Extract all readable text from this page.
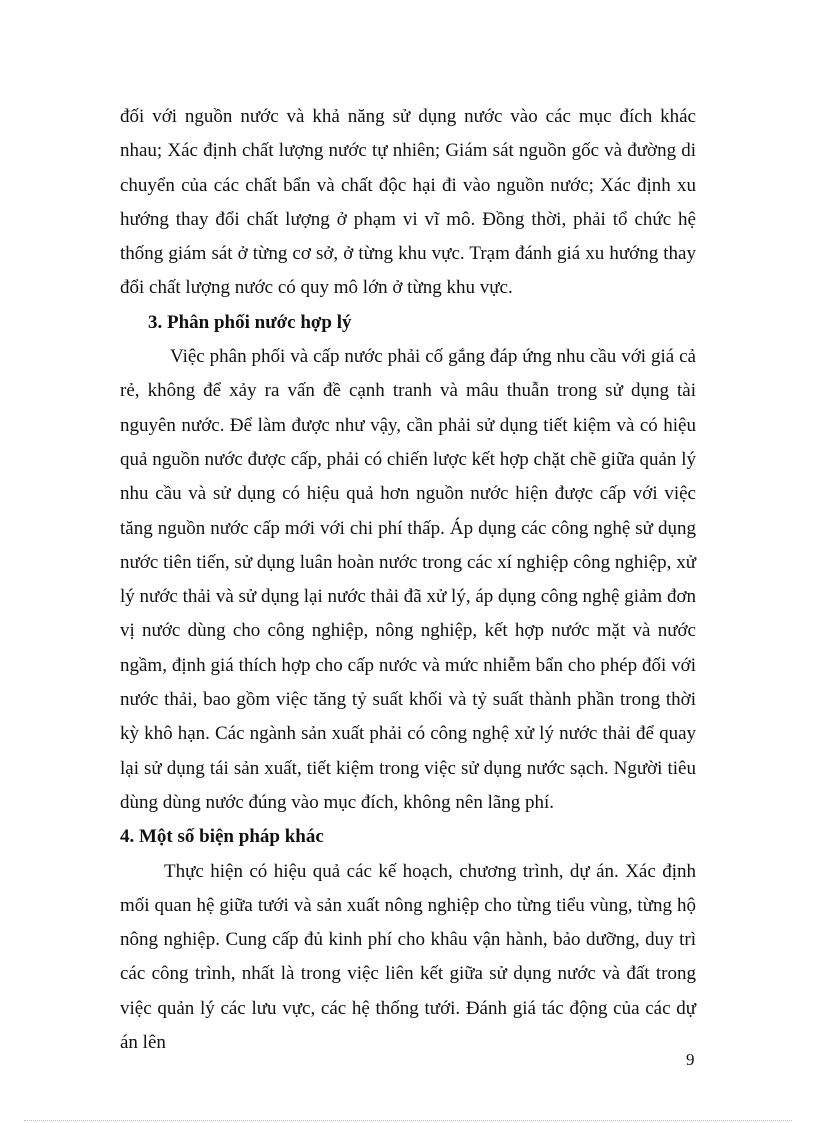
đối với nguồn nước và khả năng sử dụng nước vào các mục đích khác nhau; Xác định chất lượng nước tự nhiên; Giám sát nguồn gốc và đường di chuyển của các chất bẩn và chất độc hại đi vào nguồn nước; Xác định xu hướng thay đổi chất lượng ở phạm vi vĩ mô. Đồng thời, phải tổ chức hệ thống giám sát ở từng cơ sở, ở từng khu vực. Trạm đánh giá xu hướng thay đổi chất lượng nước có quy mô lớn ở từng khu vực.

3. Phân phối nước hợp lý

Việc phân phối và cấp nước phải cố gắng đáp ứng nhu cầu với giá cả rẻ, không để xảy ra vấn đề cạnh tranh và mâu thuẫn trong sử dụng tài nguyên nước. Để làm được như vậy, cần phải sử dụng tiết kiệm và có hiệu quả nguồn nước được cấp, phải có chiến lược kết hợp chặt chẽ giữa quản lý nhu cầu và sử dụng có hiệu quả hơn nguồn nước hiện được cấp với việc tăng nguồn nước cấp mới với chi phí thấp. Áp dụng các công nghệ sử dụng nước tiên tiến, sử dụng luân hoàn nước trong các xí nghiệp công nghiệp, xử lý nước thải và sử dụng lại nước thải đã xử lý, áp dụng công nghệ giảm đơn vị nước dùng cho công nghiệp, nông nghiệp, kết hợp nước mặt và nước ngầm, định giá thích hợp cho cấp nước và mức nhiễm bẩn cho phép đối với nước thải, bao gồm việc tăng tỷ suất khối và tỷ suất thành phần trong thời kỳ khô hạn. Các ngành sản xuất phải có công nghệ xử lý nước thải để quay lại sử dụng tái sản xuất, tiết kiệm trong việc sử dụng nước sạch. Người tiêu dùng dùng nước đúng vào mục đích, không nên lãng phí.

4. Một số biện pháp khác

Thực hiện có hiệu quả các kế hoạch, chương trình, dự án. Xác định mối quan hệ giữa tưới và sản xuất nông nghiệp cho từng tiểu vùng, từng hộ nông nghiệp. Cung cấp đủ kinh phí cho khâu vận hành, bảo dưỡng, duy trì các công trình, nhất là trong việc liên kết giữa sử dụng nước và đất trong việc quản lý các lưu vực, các hệ thống tưới. Đánh giá tác động của các dự án lên

9
